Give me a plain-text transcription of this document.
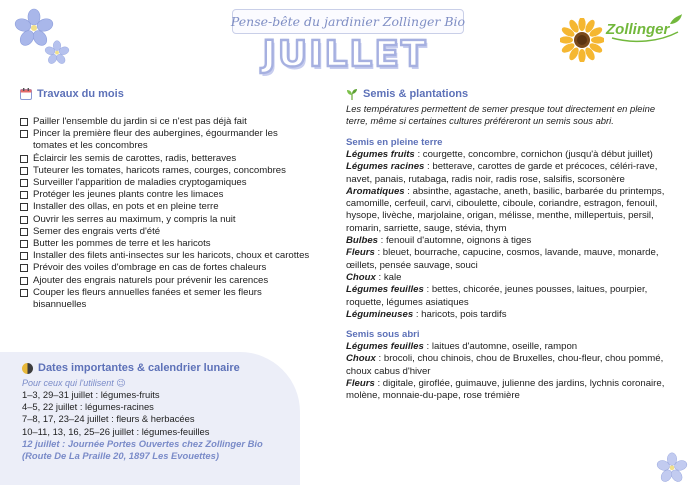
Pense-bête du jardinier Zollinger Bio
JUILLET
Zollinger
Travaux du mois
Pailler l'ensemble du jardin si ce n'est pas déjà fait
Pincer la première fleur des aubergines, égourmander les tomates et les concombres
Éclaircir les semis de carottes, radis, betteraves
Tuteurer les tomates, haricots rames, courges, concombres
Surveiller l'apparition de maladies cryptogamiques
Protéger les jeunes plants contre les limaces
Installer des ollas, en pots et en pleine terre
Ouvrir les serres au maximum, y compris la nuit
Semer des engrais verts d'été
Butter les pommes de terre et les haricots
Installer des filets anti-insectes sur les haricots, choux et carottes
Prévoir des voiles d'ombrage en cas de fortes chaleurs
Ajouter des engrais naturels pour prévenir les carences
Couper les fleurs annuelles fanées et semer les fleurs bisannuelles
Dates importantes & calendrier lunaire
Pour ceux qui l'utilisent 😉
1–3, 29–31 juillet : légumes-fruits
4–5, 22 juillet : légumes-racines
7–8, 17, 23–24 juillet : fleurs & herbacées
10–11, 13, 16, 25–26 juillet : légumes-feuilles
12 juillet : Journée Portes Ouvertes chez Zollinger Bio
(Route De La Praille 20, 1897 Les Evouettes)
Semis & plantations
Les températures permettent de semer presque tout directement en pleine terre, même si certaines cultures préféreront un semis sous abri.
Semis en pleine terre
Légumes fruits : courgette, concombre, cornichon (jusqu'à début juillet)
Légumes racines : betterave, carottes de garde et précoces, céléri-rave, navet, panais, rutabaga, radis noir, radis rose, salsifis, scorsonère
Aromatiques : absinthe, agastache, aneth, basilic, barbarée du printemps, camomille, cerfeuil, carvi, ciboulette, ciboule, coriandre, estragon, fenouil, hysope, livèche, marjolaine, origan, mélisse, menthe, millepertuis, persil, romarin, sarriette, sauge, stévia, thym
Bulbes : fenouil d'automne, oignons à tiges
Fleurs : bleuet, bourrache, capucine, cosmos, lavande, mauve, monarde, œillets, pensée sauvage, souci
Choux : kale
Légumes feuilles : bettes, chicorée, jeunes pousses, laitues, pourpier, roquette, légumes asiatiques
Légumineuses : haricots, pois tardifs
Semis sous abri
Légumes feuilles : laitues d'automne, oseille, rampon
Choux : brocoli, chou chinois, chou de Bruxelles, chou-fleur, chou pommé, choux cabus d'hiver
Fleurs : digitale, giroflée, guimauve, julienne des jardins, lychnis coronaire, molène, monnaie-du-pape, rose trémière
